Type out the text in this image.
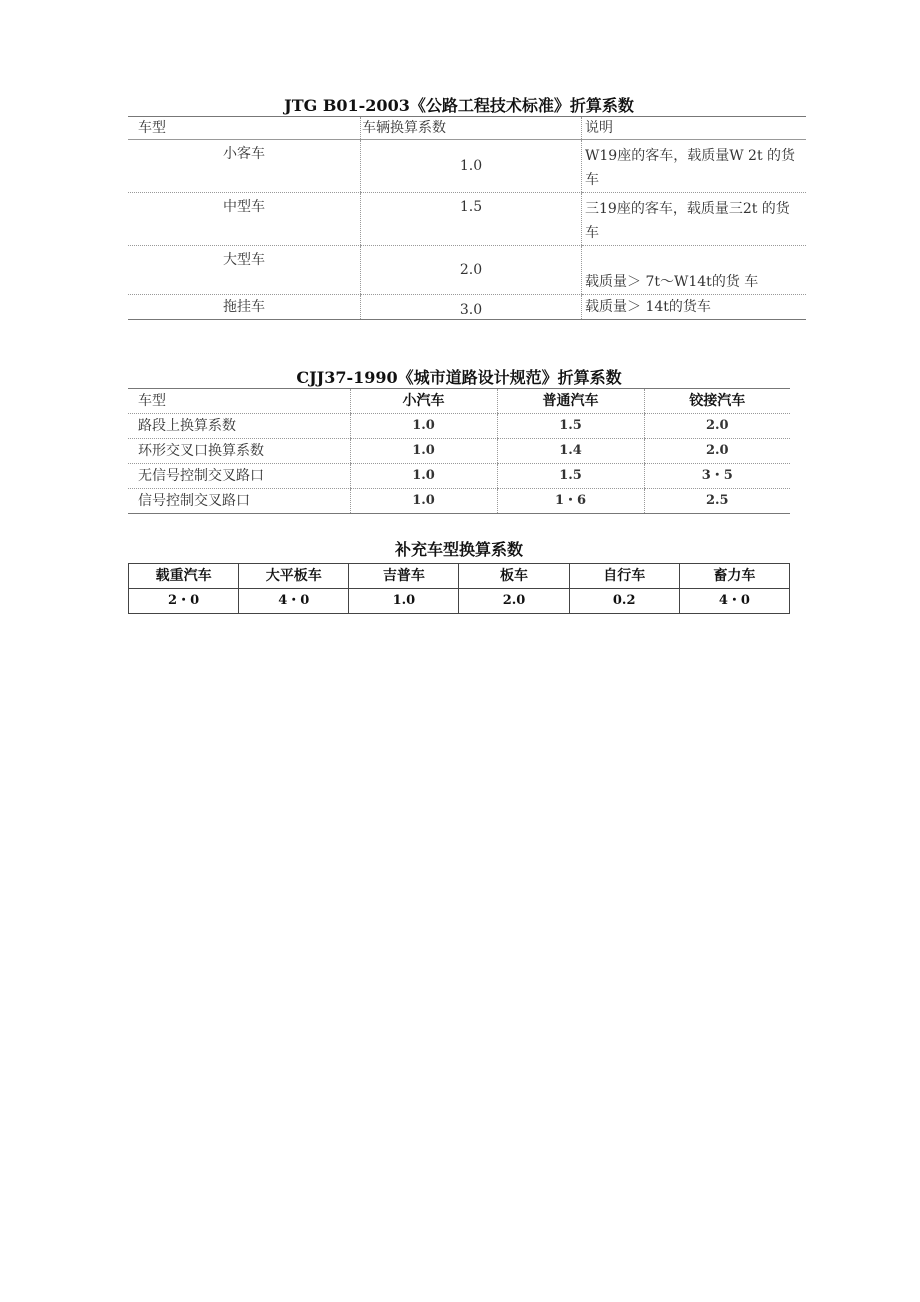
JTG B01-2003《公路工程技术标准》折算系数
车型	车辆换算系数	说明

小客车	1.0	W19座的客车，载质量W 2t 的货车

中型车	1.5	三19座的客车，载质量三2t 的货车

大型车	2.0	载质量＞ 7t～W14t的货 车

拖挂车	3.0	载质量＞ 14t的货车
CJJ37-1990《城市道路设计规范》折算系数
车型	小汽车	普通汽车	铰接汽车
路段上换算系数	1.0	1.5	2.0
环形交叉口换算系数	1.0	1.4	2.0
无信号控制交叉路口	1.0	1.5	3・5
信号控制交叉路口	1.0	1・6	2.5
补充车型换算系数
载重汽车	大平板车	吉普车	板车	自行车	畜力车
2・0	4・0	1.0	2.0	0.2	4・0
